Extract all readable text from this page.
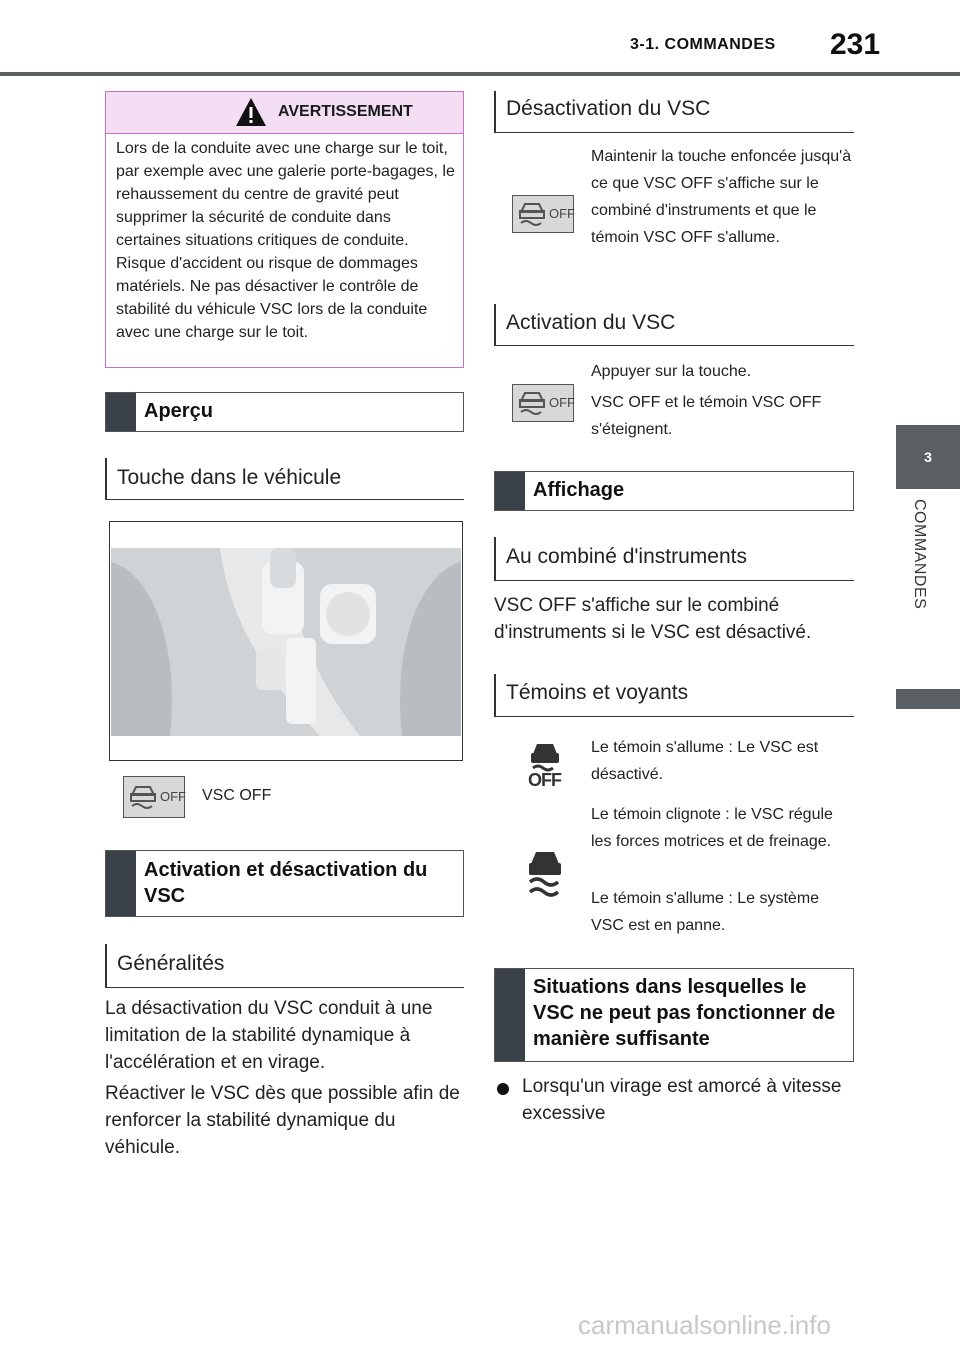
3-1. COMMANDES 231
3
COMMANDES
AVERTISSEMENT
Lors de la conduite avec une charge sur le toit, par exemple avec une galerie porte-bagages, le rehaussement du centre de gravité peut supprimer la sécurité de conduite dans certaines situations critiques de conduite. Risque d'accident ou risque de dommages matériels. Ne pas désactiver le contrôle de stabilité du véhicule VSC lors de la conduite avec une charge sur le toit.
Aperçu
Touche dans le véhicule
OFF VSC OFF
Activation et désactivation du VSC
Généralités
La désactivation du VSC conduit à une limitation de la stabilité dynamique à l'accélération et en virage.
Réactiver le VSC dès que possible afin de renforcer la stabilité dynamique du véhicule.
Désactivation du VSC
OFF
Maintenir la touche enfoncée jusqu'à ce que VSC OFF s'affiche sur le combiné d'instruments et que le témoin VSC OFF s'allume.
Activation du VSC
OFF
Appuyer sur la touche.
VSC OFF et le témoin VSC OFF s'éteignent.
Affichage
Au combiné d'instruments
VSC OFF s'affiche sur le combiné d'instruments si le VSC est désactivé.
Témoins et voyants
OFF
Le témoin s'allume : Le VSC est désactivé.
Le témoin clignote : le VSC régule les forces motrices et de freinage.
Le témoin s'allume : Le système VSC est en panne.
Situations dans lesquelles le VSC ne peut pas fonctionner de manière suffisante
Lorsqu'un virage est amorcé à vitesse excessive
carmanualsonline.info
